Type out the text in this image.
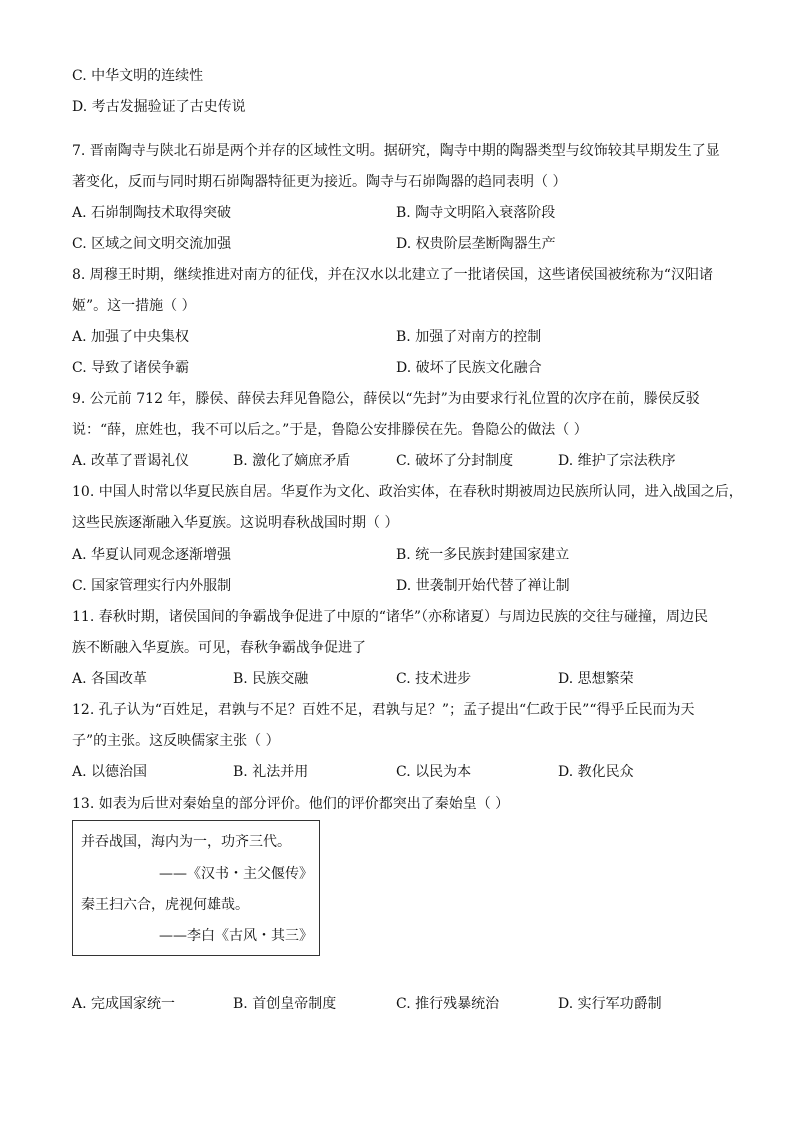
C. 中华文明的连续性
D. 考古发掘验证了古史传说
7. 晋南陶寺与陕北石峁是两个并存的区域性文明。据研究，陶寺中期的陶器类型与纹饰较其早期发生了显
著变化，反而与同时期石峁陶器特征更为接近。陶寺与石峁陶器的趋同表明（ ）
A. 石峁制陶技术取得突破	B. 陶寺文明陷入衰落阶段
C. 区域之间文明交流加强	D. 权贵阶层垄断陶器生产
8. 周穆王时期，继续推进对南方的征伐，并在汉水以北建立了一批诸侯国，这些诸侯国被统称为“汉阳诸
姬”。这一措施（ ）
A. 加强了中央集权	B. 加强了对南方的控制
C. 导致了诸侯争霸	D. 破坏了民族文化融合
9. 公元前 712 年，滕侯、薛侯去拜见鲁隐公，薛侯以“先封”为由要求行礼位置的次序在前，滕侯反驳
说：“薛，庶姓也，我不可以后之。”于是，鲁隐公安排滕侯在先。鲁隐公的做法（ ）
A. 改革了晋谒礼仪	B. 激化了嫡庶矛盾	C. 破坏了分封制度	D. 维护了宗法秩序
10. 中国人时常以华夏民族自居。华夏作为文化、政治实体，在春秋时期被周边民族所认同，进入战国之后，
这些民族逐渐融入华夏族。这说明春秋战国时期（ ）
A. 华夏认同观念逐渐增强	B. 统一多民族封建国家建立
C. 国家管理实行内外服制	D. 世袭制开始代替了禅让制
11. 春秋时期，诸侯国间的争霸战争促进了中原的“诸华”（亦称诸夏）与周边民族的交往与碰撞，周边民
族不断融入华夏族。可见，春秋争霸战争促进了
A. 各国改革	B. 民族交融	C. 技术进步	D. 思想繁荣
12. 孔子认为“百姓足，君孰与不足？百姓不足，君孰与足？”；孟子提出“仁政于民”“得乎丘民而为天
子”的主张。这反映儒家主张（ ）
A. 以德治国	B. 礼法并用	C. 以民为本	D. 教化民众
13. 如表为后世对秦始皇的部分评价。他们的评价都突出了秦始皇（ ）
并吞战国，海内为一，功齐三代。
——《汉书・主父偃传》
秦王扫六合，虎视何雄哉。
——李白《古风・其三》
A. 完成国家统一	B. 首创皇帝制度	C. 推行残暴统治	D. 实行军功爵制
